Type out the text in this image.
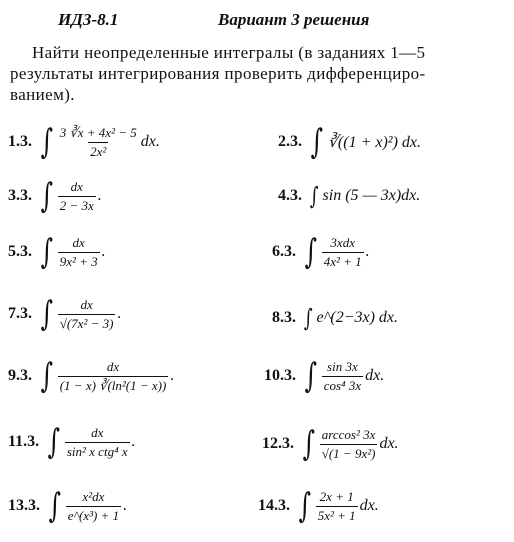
ИДЗ-8.1	Вариант 3 решения
Найти неопределенные интегралы (в заданиях 1—5
результаты интегрирования проверить дифференциро-
ванием).
1.3. ∫ $\frac{\text{3 ∛x + 4x² − 5}}{\text{2x²}}$ dx.	2.3. ∫ ∛((1 + x)²) dx.
3.3. ∫ $\frac{dx}{2 - 3x}$ .	4.3. ∫ sin (5 — 3x)dx.
5.3. ∫ $\frac{dx}{\text{9x² + 3}}$ .	6.3. ∫ $\frac{\text{3xdx}}{\text{4x² + 1}}$ .
7.3. ∫ $\frac{dx}{\text{√(7x² − 3)}}$ .	8.3. ∫ e^(2−3x) dx.
9.3. ∫ $\frac{dx}{\text{(1 − x) ∛(ln²(1 − x))}}$ .	10.3. ∫ $\frac{\sin 3x}{\text{cos⁴ 3x}}$ dx.
11.3. ∫ $\frac{dx}{\text{sin² x ctg⁴ x}}$ .	12.3. ∫ $\frac{\text{arccos² 3x}}{\text{√(1 − 9x²)}}$ dx.
13.3. ∫ $\frac{\text{x²dx}}{\text{e\textasciicircum{}(x³) + 1}}$ .	14.3. ∫ $\frac{2x + 1}{\text{5x² + 1}}$ dx.
